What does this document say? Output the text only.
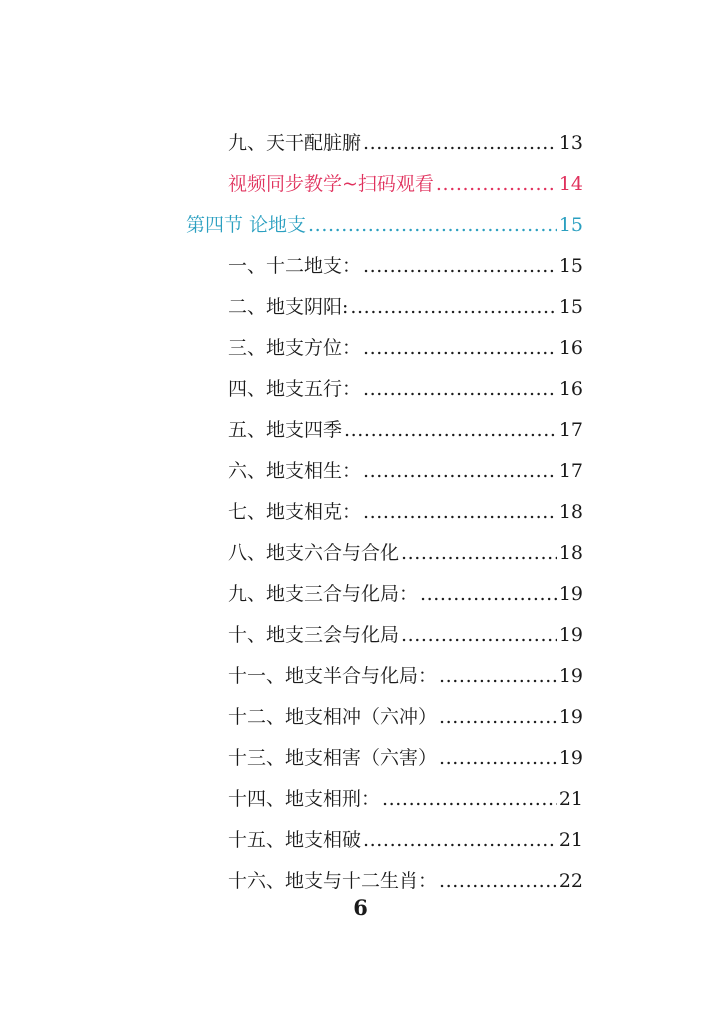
九、天干配脏腑 .....	13
视频同步教学~扫码观看 .....	14
第四节 论地支 .....	15
一、十二地支： .....	15
二、地支阴阳: .....	15
三、地支方位： .....	16
四、地支五行： .....	16
五、地支四季 .....	17
六、地支相生： .....	17
七、地支相克： .....	18
八、地支六合与合化 .....	18
九、地支三合与化局： .....	19
十、地支三会与化局 .....	19
十一、地支半合与化局： .....	19
十二、地支相冲（六冲） .....	19
十三、地支相害（六害） .....	19
十四、地支相刑： .....	21
十五、地支相破 .....	21
十六、地支与十二生肖： .....	22
6
